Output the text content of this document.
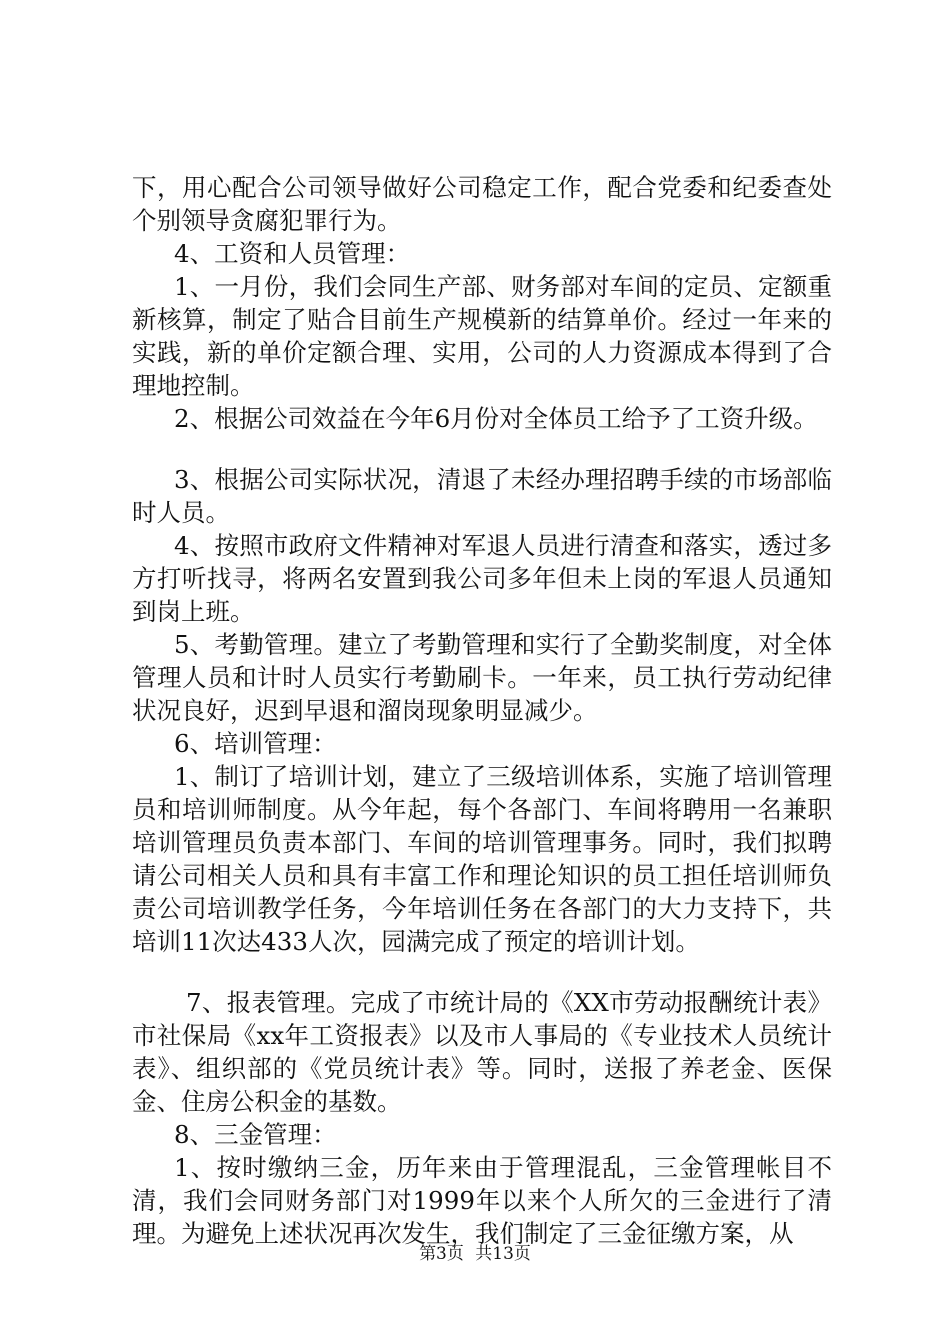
下，用心配合公司领导做好公司稳定工作，配合党委和纪委查处个别领导贪腐犯罪行为。

4、工资和人员管理：

1、一月份，我们会同生产部、财务部对车间的定员、定额重新核算，制定了贴合目前生产规模新的结算单价。经过一年来的实践，新的单价定额合理、实用，公司的人力资源成本得到了合理地控制。

2、根据公司效益在今年6月份对全体员工给予了工资升级。

3、根据公司实际状况，清退了未经办理招聘手续的市场部临时人员。

4、按照市政府文件精神对军退人员进行清查和落实，透过多方打听找寻，将两名安置到我公司多年但未上岗的军退人员通知到岗上班。

5、考勤管理。建立了考勤管理和实行了全勤奖制度，对全体管理人员和计时人员实行考勤刷卡。一年来，员工执行劳动纪律状况良好，迟到早退和溜岗现象明显减少。

6、培训管理：

1、制订了培训计划，建立了三级培训体系，实施了培训管理员和培训师制度。从今年起，每个各部门、车间将聘用一名兼职培训管理员负责本部门、车间的培训管理事务。同时，我们拟聘请公司相关人员和具有丰富工作和理论知识的员工担任培训师负责公司培训教学任务，今年培训任务在各部门的大力支持下，共培训11次达433人次，园满完成了预定的培训计划。

7、报表管理。完成了市统计局的《XX市劳动报酬统计表》市社保局《xx年工资报表》以及市人事局的《专业技术人员统计表》、组织部的《党员统计表》等。同时，送报了养老金、医保金、住房公积金的基数。

8、三金管理：

1、按时缴纳三金，历年来由于管理混乱，三金管理帐目不清，我们会同财务部门对1999年以来个人所欠的三金进行了清理。为避免上述状况再次发生，我们制定了三金征缴方案，从

第3页 共13页
